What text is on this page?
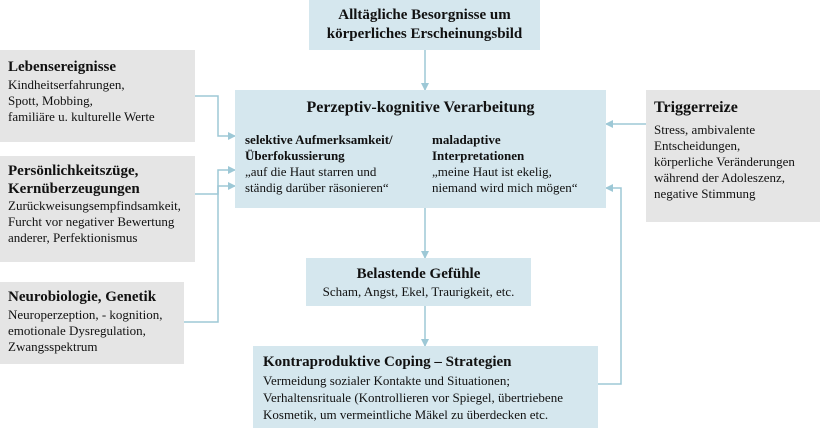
Alltägliche Besorgnisse um
körperliches Erscheinungsbild
Lebensereignisse
Kindheitserfahrungen,
Spott, Mobbing,
familiäre u. kulturelle Werte
Persönlichkeitszüge,
Kernüberzeugungen
Zurückweisungsempfindsamkeit,
Furcht vor negativer Bewertung
anderer, Perfektionismus
Neurobiologie, Genetik
Neuroperzeption, - kognition,
emotionale Dysregulation,
Zwangsspektrum
Perzeptiv-kognitive Verarbeitung
selektive Aufmerksamkeit/
Überfokussierung
„auf die Haut starren und
ständig darüber räsonieren“
maladaptive
Interpretationen
„meine Haut ist ekelig,
niemand wird mich mögen“
Triggerreize
Stress, ambivalente
Entscheidungen,
körperliche Veränderungen
während der Adoleszenz,
negative Stimmung
Belastende Gefühle
Scham, Angst, Ekel, Traurigkeit, etc.
Kontraproduktive Coping – Strategien
Vermeidung sozialer Kontakte und Situationen;
Verhaltensrituale (Kontrollieren vor Spiegel, übertriebene
Kosmetik, um vermeintliche Mäkel zu überdecken etc.
